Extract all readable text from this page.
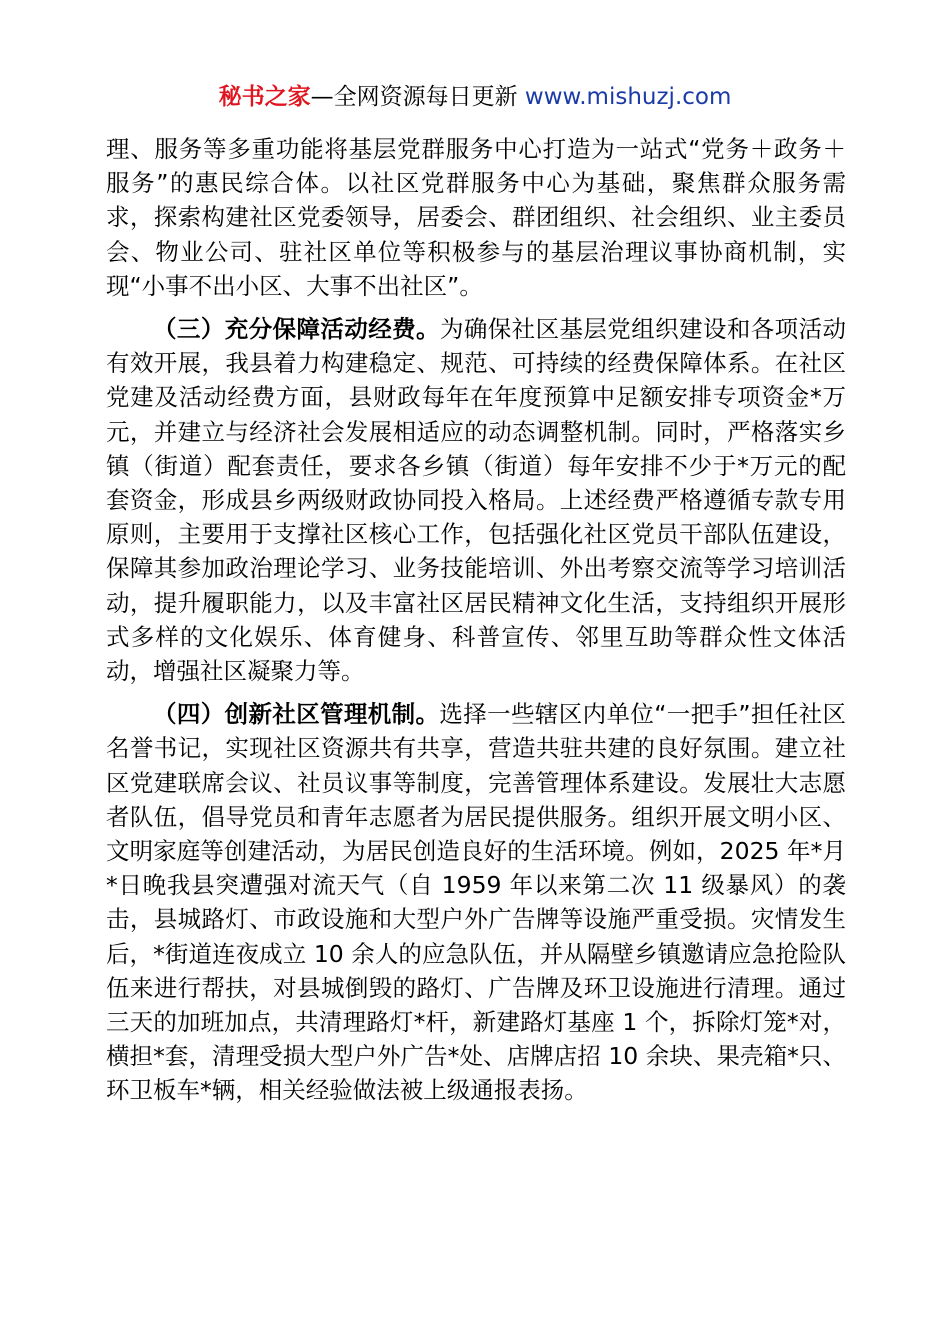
秘书之家—全网资源每日更新 www.mishuzj.com

理、服务等多重功能将基层党群服务中心打造为一站式“党务＋政务＋服务”的惠民综合体。以社区党群服务中心为基础，聚焦群众服务需求，探索构建社区党委领导，居委会、群团组织、社会组织、业主委员会、物业公司、驻社区单位等积极参与的基层治理议事协商机制，实现“小事不出小区、大事不出社区”。

（三）充分保障活动经费。为确保社区基层党组织建设和各项活动有效开展，我县着力构建稳定、规范、可持续的经费保障体系。在社区党建及活动经费方面，县财政每年在年度预算中足额安排专项资金*万元，并建立与经济社会发展相适应的动态调整机制。同时，严格落实乡镇（街道）配套责任，要求各乡镇（街道）每年安排不少于*万元的配套资金，形成县乡两级财政协同投入格局。上述经费严格遵循专款专用原则，主要用于支撑社区核心工作，包括强化社区党员干部队伍建设，保障其参加政治理论学习、业务技能培训、外出考察交流等学习培训活动，提升履职能力，以及丰富社区居民精神文化生活，支持组织开展形式多样的文化娱乐、体育健身、科普宣传、邻里互助等群众性文体活动，增强社区凝聚力等。

（四）创新社区管理机制。选择一些辖区内单位“一把手”担任社区名誉书记，实现社区资源共有共享，营造共驻共建的良好氛围。建立社区党建联席会议、社员议事等制度，完善管理体系建设。发展壮大志愿者队伍，倡导党员和青年志愿者为居民提供服务。组织开展文明小区、文明家庭等创建活动，为居民创造良好的生活环境。例如，2025 年*月*日晚我县突遭强对流天气（自 1959 年以来第二次 11 级暴风）的袭击，县城路灯、市政设施和大型户外广告牌等设施严重受损。灾情发生后，*街道连夜成立 10 余人的应急队伍，并从隔壁乡镇邀请应急抢险队伍来进行帮扶，对县城倒毁的路灯、广告牌及环卫设施进行清理。通过三天的加班加点，共清理路灯*杆，新建路灯基座 1 个，拆除灯笼*对，横担*套，清理受损大型户外广告*处、店牌店招 10 余块、果壳箱*只、环卫板车*辆，相关经验做法被上级通报表扬。
